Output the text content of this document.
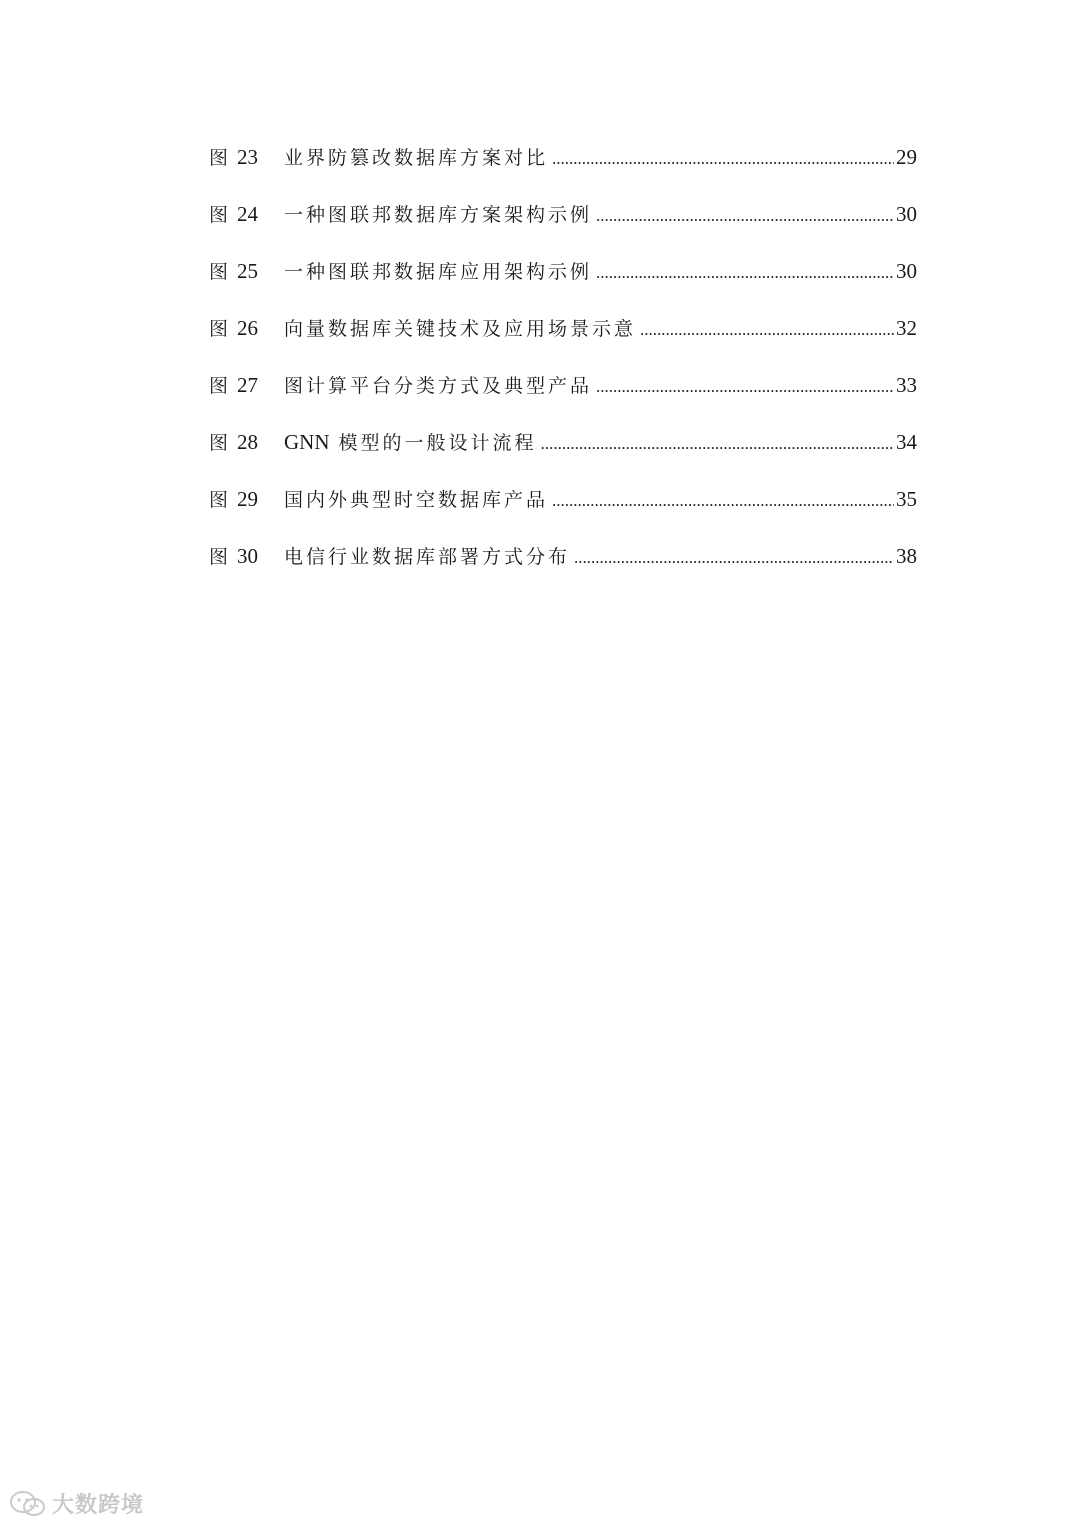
图 23	业界防篡改数据库方案对比 .....	29
图 24	一种图联邦数据库方案架构示例 .....	30
图 25	一种图联邦数据库应用架构示例 .....	30
图 26	向量数据库关键技术及应用场景示意 .....	32
图 27	图计算平台分类方式及典型产品 .....	33
图 28	GNN 模型的一般设计流程 .....	34
图 29	国内外典型时空数据库产品 .....	35
图 30	电信行业数据库部署方式分布 .....	38
大数跨境
